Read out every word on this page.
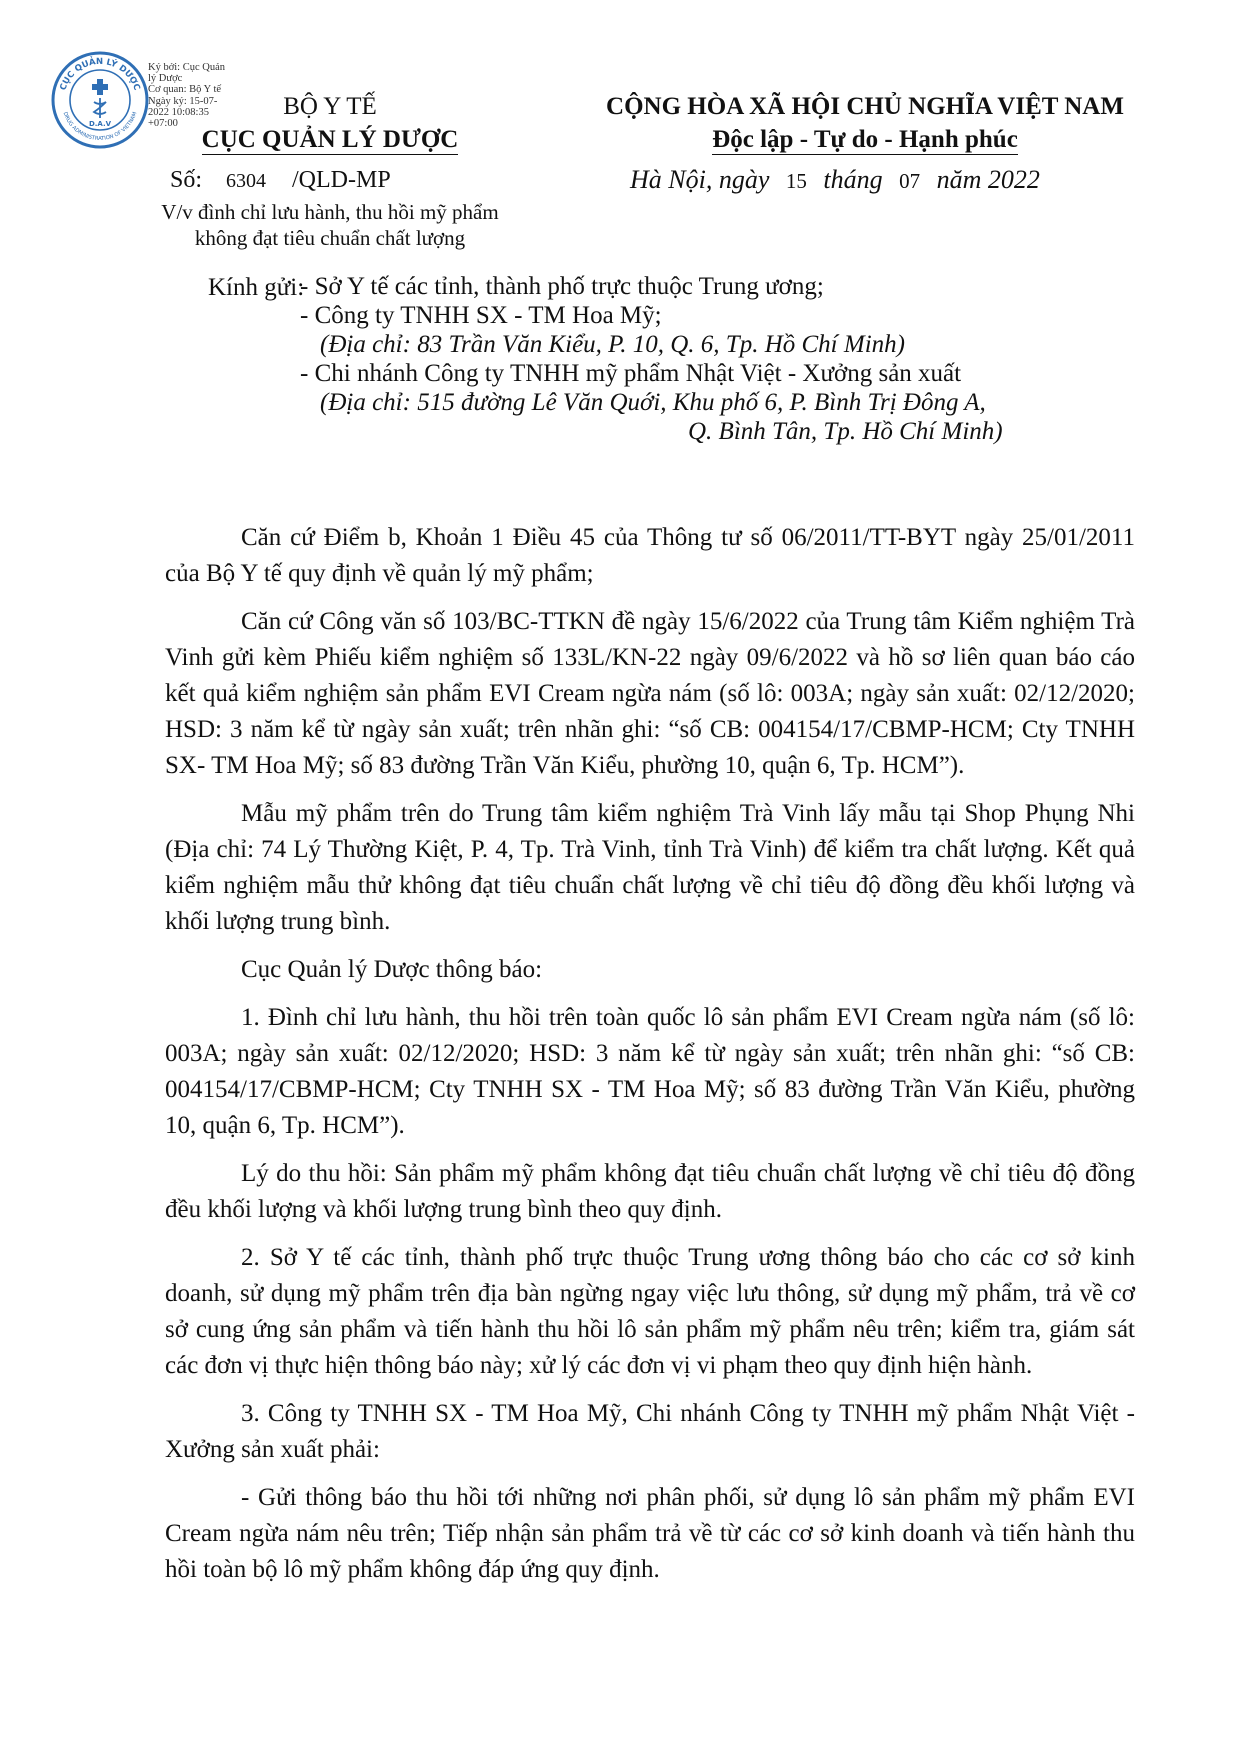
CỤC QUẢN LÝ DƯỢC
DRUG ADMINISTRATION OF VIETNAM
D.A.V
Ký bởi: Cục Quản
lý Dược
Cơ quan: Bộ Y tế
Ngày ký: 15-07-
2022 10:08:35
+07:00
BỘ Y TẾ
CỤC QUẢN LÝ DƯỢC
Số: 6304 /QLD-MP
V/v đình chỉ lưu hành, thu hồi mỹ phẩm
không đạt tiêu chuẩn chất lượng
CỘNG HÒA XÃ HỘI CHỦ NGHĨA VIỆT NAM
Độc lập - Tự do - Hạnh phúc
Hà Nội, ngày 15 tháng 07 năm 2022
Kính gửi:
- Sở Y tế các tỉnh, thành phố trực thuộc Trung ương;
- Công ty TNHH SX - TM Hoa Mỹ;
(Địa chỉ: 83 Trần Văn Kiểu, P. 10, Q. 6, Tp. Hồ Chí Minh)
- Chi nhánh Công ty TNHH mỹ phẩm Nhật Việt - Xưởng sản xuất
(Địa chỉ: 515 đường Lê Văn Quới, Khu phố 6, P. Bình Trị Đông A,
Q. Bình Tân, Tp. Hồ Chí Minh)

Căn cứ Điểm b, Khoản 1 Điều 45 của Thông tư số 06/2011/TT-BYT ngày 25/01/2011 của Bộ Y tế quy định về quản lý mỹ phẩm;

Căn cứ Công văn số 103/BC-TTKN đề ngày 15/6/2022 của Trung tâm Kiểm nghiệm Trà Vinh gửi kèm Phiếu kiểm nghiệm số 133L/KN-22 ngày 09/6/2022 và hồ sơ liên quan báo cáo kết quả kiểm nghiệm sản phẩm EVI Cream ngừa nám (số lô: 003A; ngày sản xuất: 02/12/2020; HSD: 3 năm kể từ ngày sản xuất; trên nhãn ghi: “số CB: 004154/17/CBMP-HCM; Cty TNHH SX- TM Hoa Mỹ; số 83 đường Trần Văn Kiểu, phường 10, quận 6, Tp. HCM”).

Mẫu mỹ phẩm trên do Trung tâm kiểm nghiệm Trà Vinh lấy mẫu tại Shop Phụng Nhi (Địa chỉ: 74 Lý Thường Kiệt, P. 4, Tp. Trà Vinh, tỉnh Trà Vinh) để kiểm tra chất lượng. Kết quả kiểm nghiệm mẫu thử không đạt tiêu chuẩn chất lượng về chỉ tiêu độ đồng đều khối lượng và khối lượng trung bình.

Cục Quản lý Dược thông báo:

1. Đình chỉ lưu hành, thu hồi trên toàn quốc lô sản phẩm EVI Cream ngừa nám (số lô: 003A; ngày sản xuất: 02/12/2020; HSD: 3 năm kể từ ngày sản xuất; trên nhãn ghi: “số CB: 004154/17/CBMP-HCM; Cty TNHH SX - TM Hoa Mỹ; số 83 đường Trần Văn Kiểu, phường 10, quận 6, Tp. HCM”).

Lý do thu hồi: Sản phẩm mỹ phẩm không đạt tiêu chuẩn chất lượng về chỉ tiêu độ đồng đều khối lượng và khối lượng trung bình theo quy định.

2. Sở Y tế các tỉnh, thành phố trực thuộc Trung ương thông báo cho các cơ sở kinh doanh, sử dụng mỹ phẩm trên địa bàn ngừng ngay việc lưu thông, sử dụng mỹ phẩm, trả về cơ sở cung ứng sản phẩm và tiến hành thu hồi lô sản phẩm mỹ phẩm nêu trên; kiểm tra, giám sát các đơn vị thực hiện thông báo này; xử lý các đơn vị vi phạm theo quy định hiện hành.

3. Công ty TNHH SX - TM Hoa Mỹ, Chi nhánh Công ty TNHH mỹ phẩm Nhật Việt - Xưởng sản xuất phải:

- Gửi thông báo thu hồi tới những nơi phân phối, sử dụng lô sản phẩm mỹ phẩm EVI Cream ngừa nám nêu trên; Tiếp nhận sản phẩm trả về từ các cơ sở kinh doanh và tiến hành thu hồi toàn bộ lô mỹ phẩm không đáp ứng quy định.
